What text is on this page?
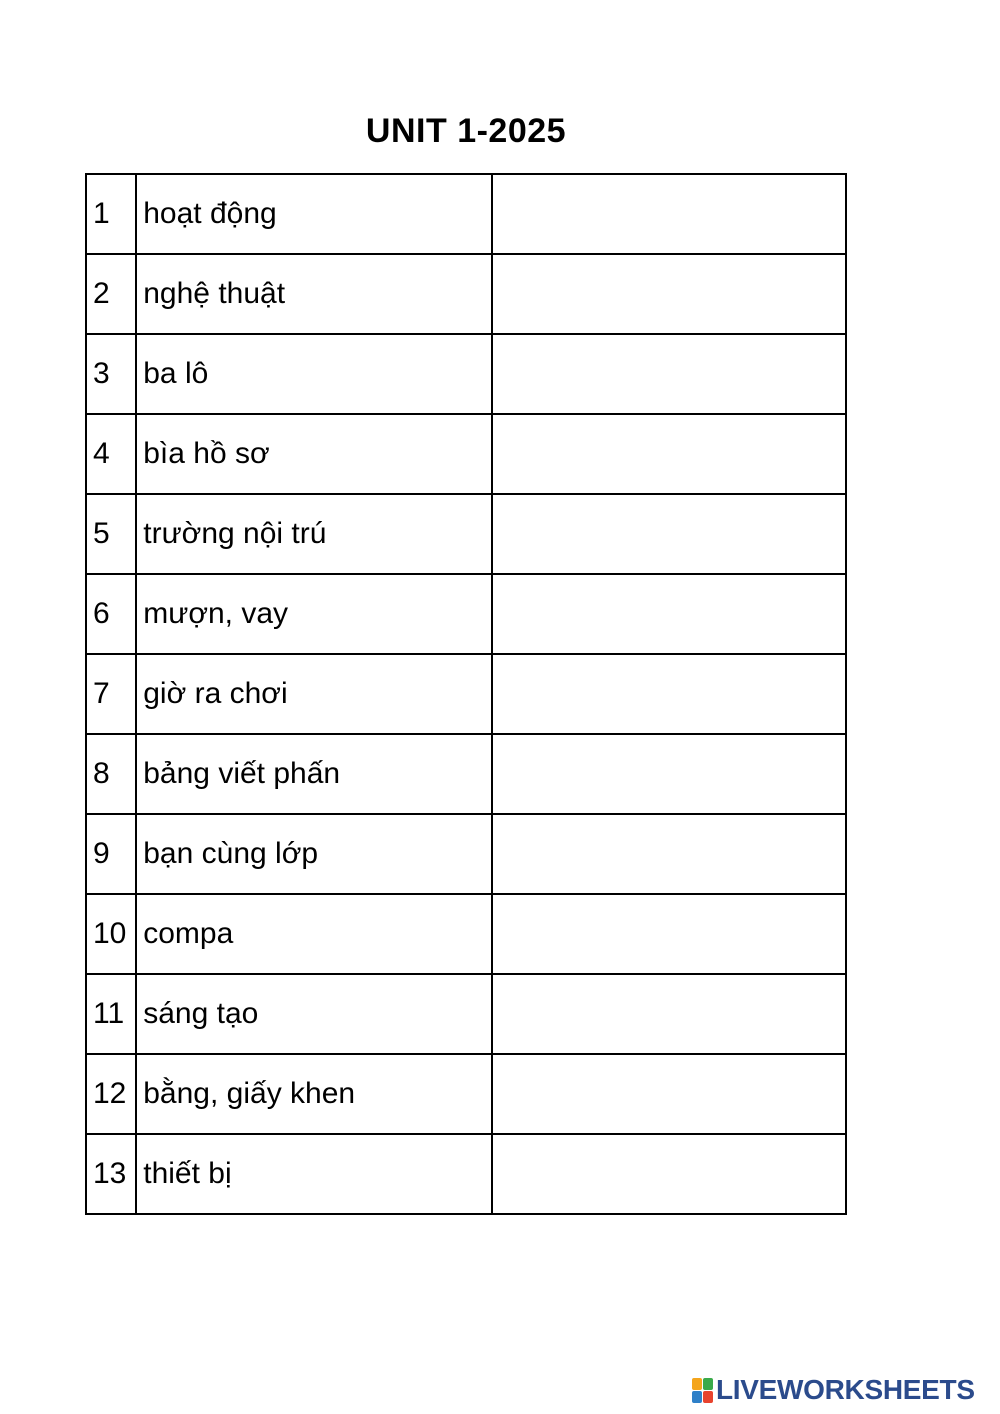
UNIT 1-2025
1	hoạt động	
2	nghệ thuật	
3	ba lô	
4	bìa hồ sơ	
5	trường nội trú	
6	mượn, vay	
7	giờ ra chơi	
8	bảng viết phấn	
9	bạn cùng lớp	
10	compa	
11	sáng tạo	
12	bằng, giấy khen	
13	thiết bị	
LIVEWORKSHEETS
